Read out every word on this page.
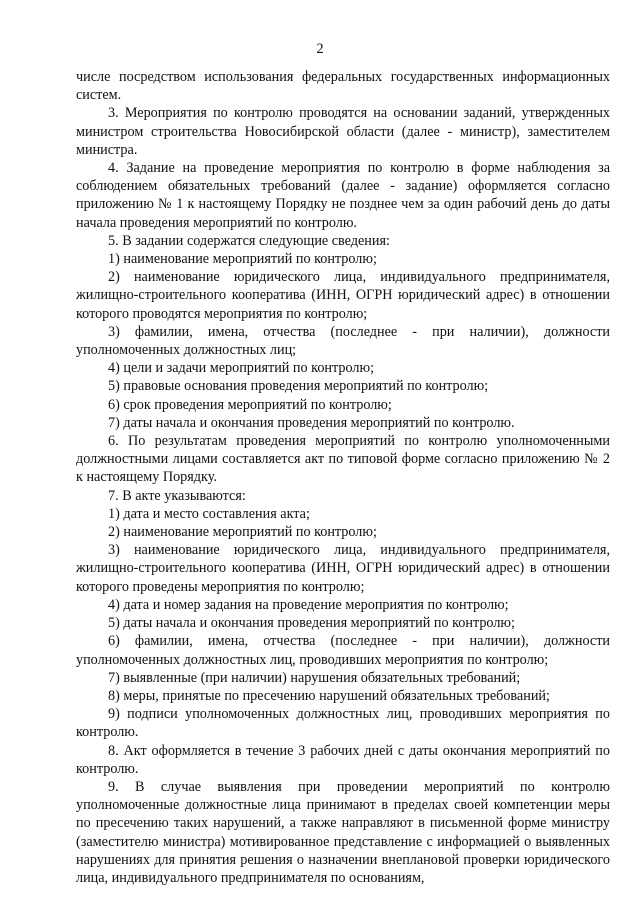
2

числе посредством использования федеральных государственных информационных систем.

3. Мероприятия по контролю проводятся на основании заданий, утвержденных министром строительства Новосибирской области (далее - министр), заместителем министра.

4. Задание на проведение мероприятия по контролю в форме наблюдения за соблюдением обязательных требований (далее - задание) оформляется согласно приложению № 1 к настоящему Порядку не позднее чем за один рабочий день до даты начала проведения мероприятий по контролю.

5. В задании содержатся следующие сведения:

1) наименование мероприятий по контролю;

2) наименование юридического лица, индивидуального предпринимателя, жилищно-строительного кооператива (ИНН, ОГРН юридический адрес) в отношении которого проводятся мероприятия по контролю;

3) фамилии, имена, отчества (последнее - при наличии), должности уполномоченных должностных лиц;

4) цели и задачи мероприятий по контролю;

5) правовые основания проведения мероприятий по контролю;

6) срок проведения мероприятий по контролю;

7) даты начала и окончания проведения мероприятий по контролю.

6. По результатам проведения мероприятий по контролю уполномоченными должностными лицами составляется акт по типовой форме согласно приложению № 2 к настоящему Порядку.

7. В акте указываются:

1) дата и место составления акта;

2) наименование мероприятий по контролю;

3) наименование юридического лица, индивидуального предпринимателя, жилищно-строительного кооператива (ИНН, ОГРН юридический адрес) в отношении которого проведены мероприятия по контролю;

4) дата и номер задания на проведение мероприятия по контролю;

5) даты начала и окончания проведения мероприятий по контролю;

6) фамилии, имена, отчества (последнее - при наличии), должности уполномоченных должностных лиц, проводивших мероприятия по контролю;

7) выявленные (при наличии) нарушения обязательных требований;

8) меры, принятые по пресечению нарушений обязательных требований;

9) подписи уполномоченных должностных лиц, проводивших мероприятия по контролю.

8. Акт оформляется в течение 3 рабочих дней с даты окончания мероприятий по контролю.

9. В случае выявления при проведении мероприятий по контролю уполномоченные должностные лица принимают в пределах своей компетенции меры по пресечению таких нарушений, а также направляют в письменной форме министру (заместителю министра) мотивированное представление с информацией о выявленных нарушениях для принятия решения о назначении внеплановой проверки юридического лица, индивидуального предпринимателя по основаниям,
